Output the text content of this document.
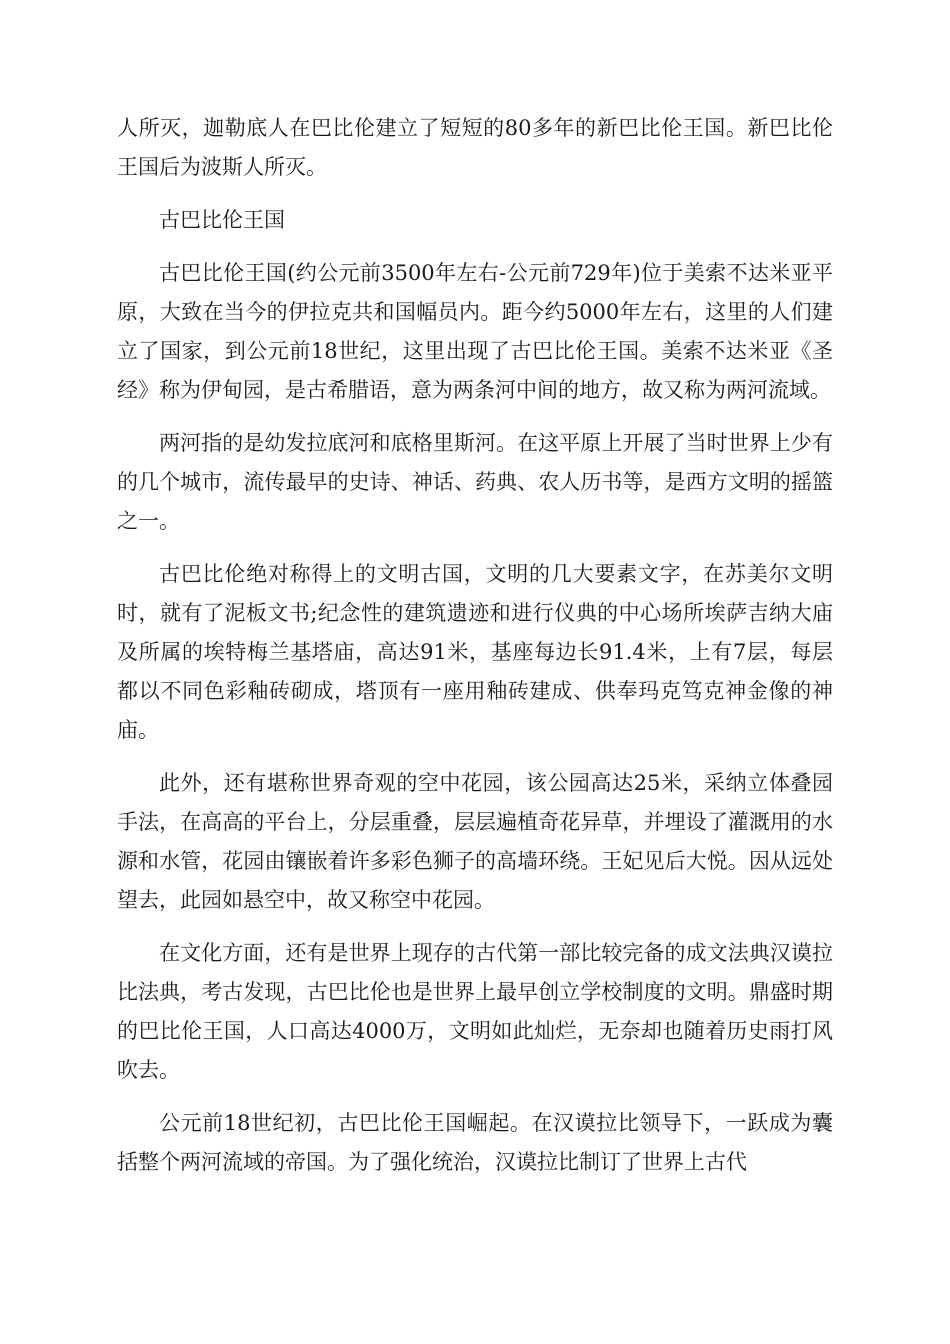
人所灭，迦勒底人在巴比伦建立了短短的80多年的新巴比伦王国。新巴比伦王国后为波斯人所灭。

古巴比伦王国

古巴比伦王国(约公元前3500年左右-公元前729年)位于美索不达米亚平原，大致在当今的伊拉克共和国幅员内。距今约5000年左右，这里的人们建立了国家，到公元前18世纪，这里出现了古巴比伦王国。美索不达米亚《圣经》称为伊甸园，是古希腊语，意为两条河中间的地方，故又称为两河流域。

两河指的是幼发拉底河和底格里斯河。在这平原上开展了当时世界上少有的几个城市，流传最早的史诗、神话、药典、农人历书等，是西方文明的摇篮之一。

古巴比伦绝对称得上的文明古国，文明的几大要素文字，在苏美尔文明时，就有了泥板文书;纪念性的建筑遗迹和进行仪典的中心场所埃萨吉纳大庙及所属的埃特梅兰基塔庙，高达91米，基座每边长91.4米，上有7层，每层都以不同色彩釉砖砌成，塔顶有一座用釉砖建成、供奉玛克笃克神金像的神庙。

此外，还有堪称世界奇观的空中花园，该公园高达25米，采纳立体叠园手法，在高高的平台上，分层重叠，层层遍植奇花异草，并埋设了灌溉用的水源和水管，花园由镶嵌着许多彩色狮子的高墙环绕。王妃见后大悦。因从远处望去，此园如悬空中，故又称空中花园。

在文化方面，还有是世界上现存的古代第一部比较完备的成文法典汉谟拉比法典，考古发现，古巴比伦也是世界上最早创立学校制度的文明。鼎盛时期的巴比伦王国，人口高达4000万，文明如此灿烂，无奈却也随着历史雨打风吹去。

公元前18世纪初，古巴比伦王国崛起。在汉谟拉比领导下，一跃成为囊括整个两河流域的帝国。为了强化统治，汉谟拉比制订了世界上古代
